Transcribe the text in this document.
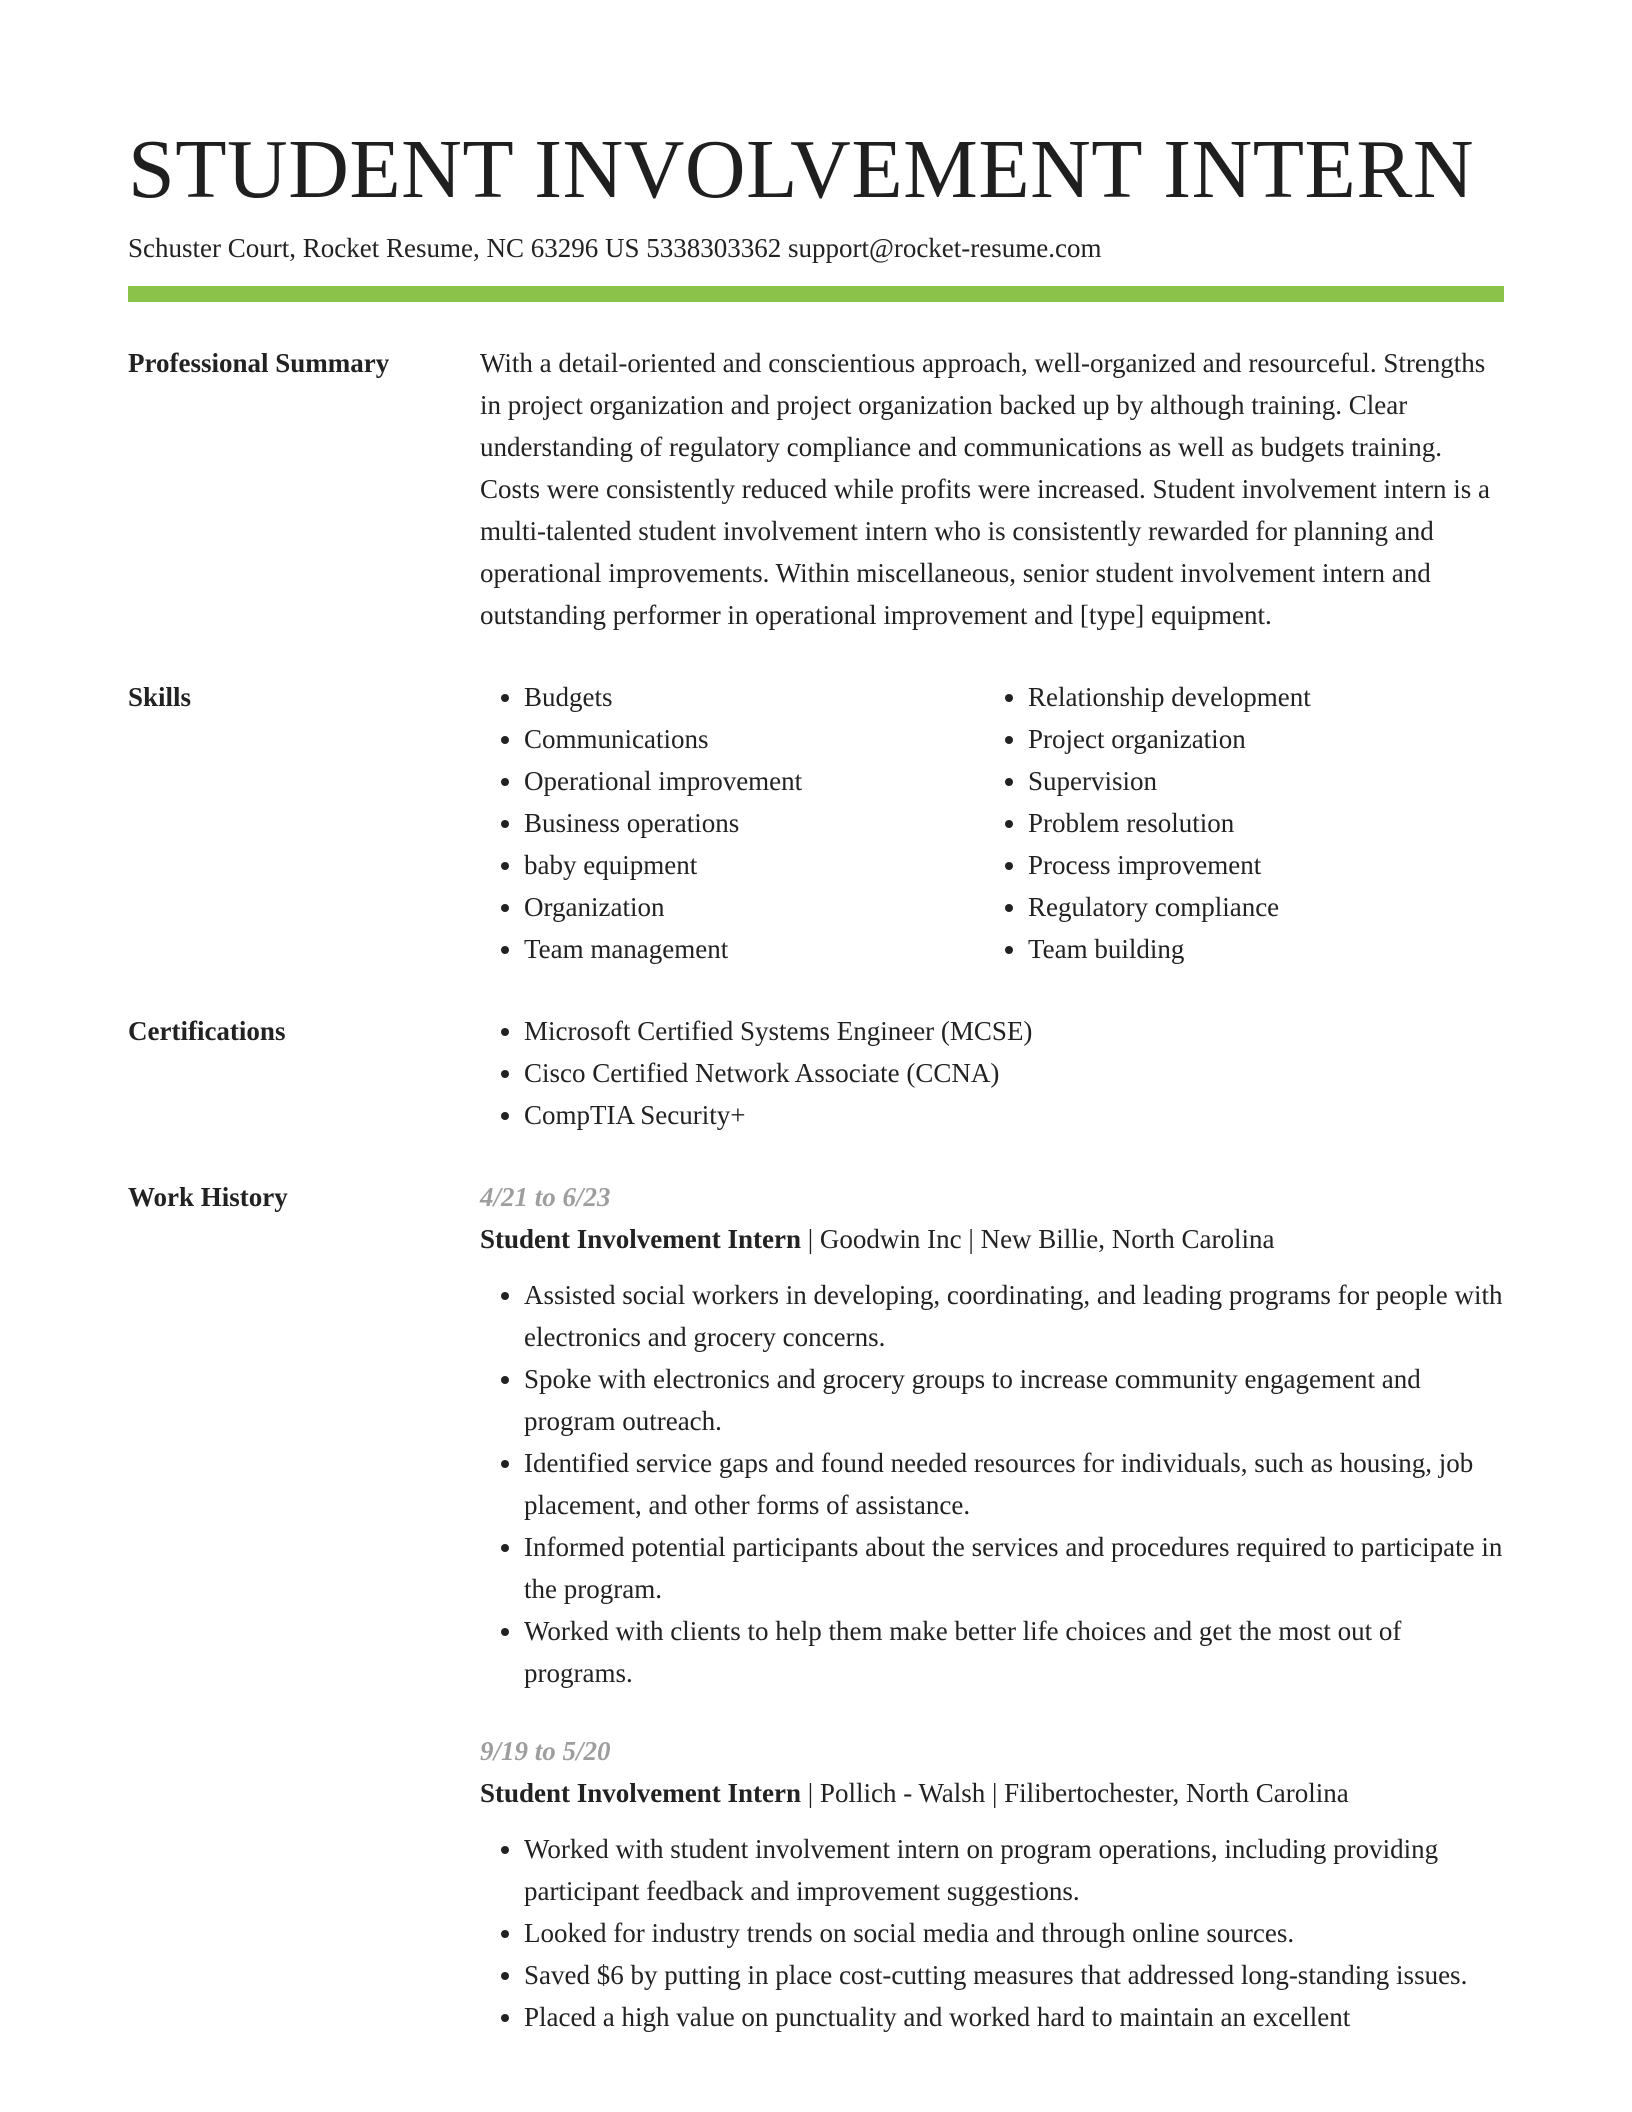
STUDENT INVOLVEMENT INTERN
Schuster Court, Rocket Resume, NC 63296 US 5338303362 support@rocket-resume.com
Professional Summary	With a detail-oriented and conscientious approach, well-organized and resourceful. Strengths in project organization and project organization backed up by although training. Clear understanding of regulatory compliance and communications as well as budgets training. Costs were consistently reduced while profits were increased. Student involvement intern is a multi-talented student involvement intern who is consistently rewarded for planning and operational improvements. Within miscellaneous, senior student involvement intern and outstanding performer in operational improvement and [type] equipment.

Skills	• Budgets
• Communications
• Operational improvement
• Business operations
• baby equipment
• Organization
• Team management
• Relationship development
• Project organization
• Supervision
• Problem resolution
• Process improvement
• Regulatory compliance
• Team building
Certifications	• Microsoft Certified Systems Engineer (MCSE)
• Cisco Certified Network Associate (CCNA)
• CompTIA Security+
Work History	4/21 to 6/23
Student Involvement Intern | Goodwin Inc | New Billie, North Carolina
• Assisted social workers in developing, coordinating, and leading programs for people with electronics and grocery concerns.
• Spoke with electronics and grocery groups to increase community engagement and program outreach.
• Identified service gaps and found needed resources for individuals, such as housing, job placement, and other forms of assistance.
• Informed potential participants about the services and procedures required to participate in the program.
• Worked with clients to help them make better life choices and get the most out of programs.
9/19 to 5/20
Student Involvement Intern | Pollich - Walsh | Filibertochester, North Carolina
• Worked with student involvement intern on program operations, including providing participant feedback and improvement suggestions.
• Looked for industry trends on social media and through online sources.
• Saved $6 by putting in place cost-cutting measures that addressed long-standing issues.
• Placed a high value on punctuality and worked hard to maintain an excellent
